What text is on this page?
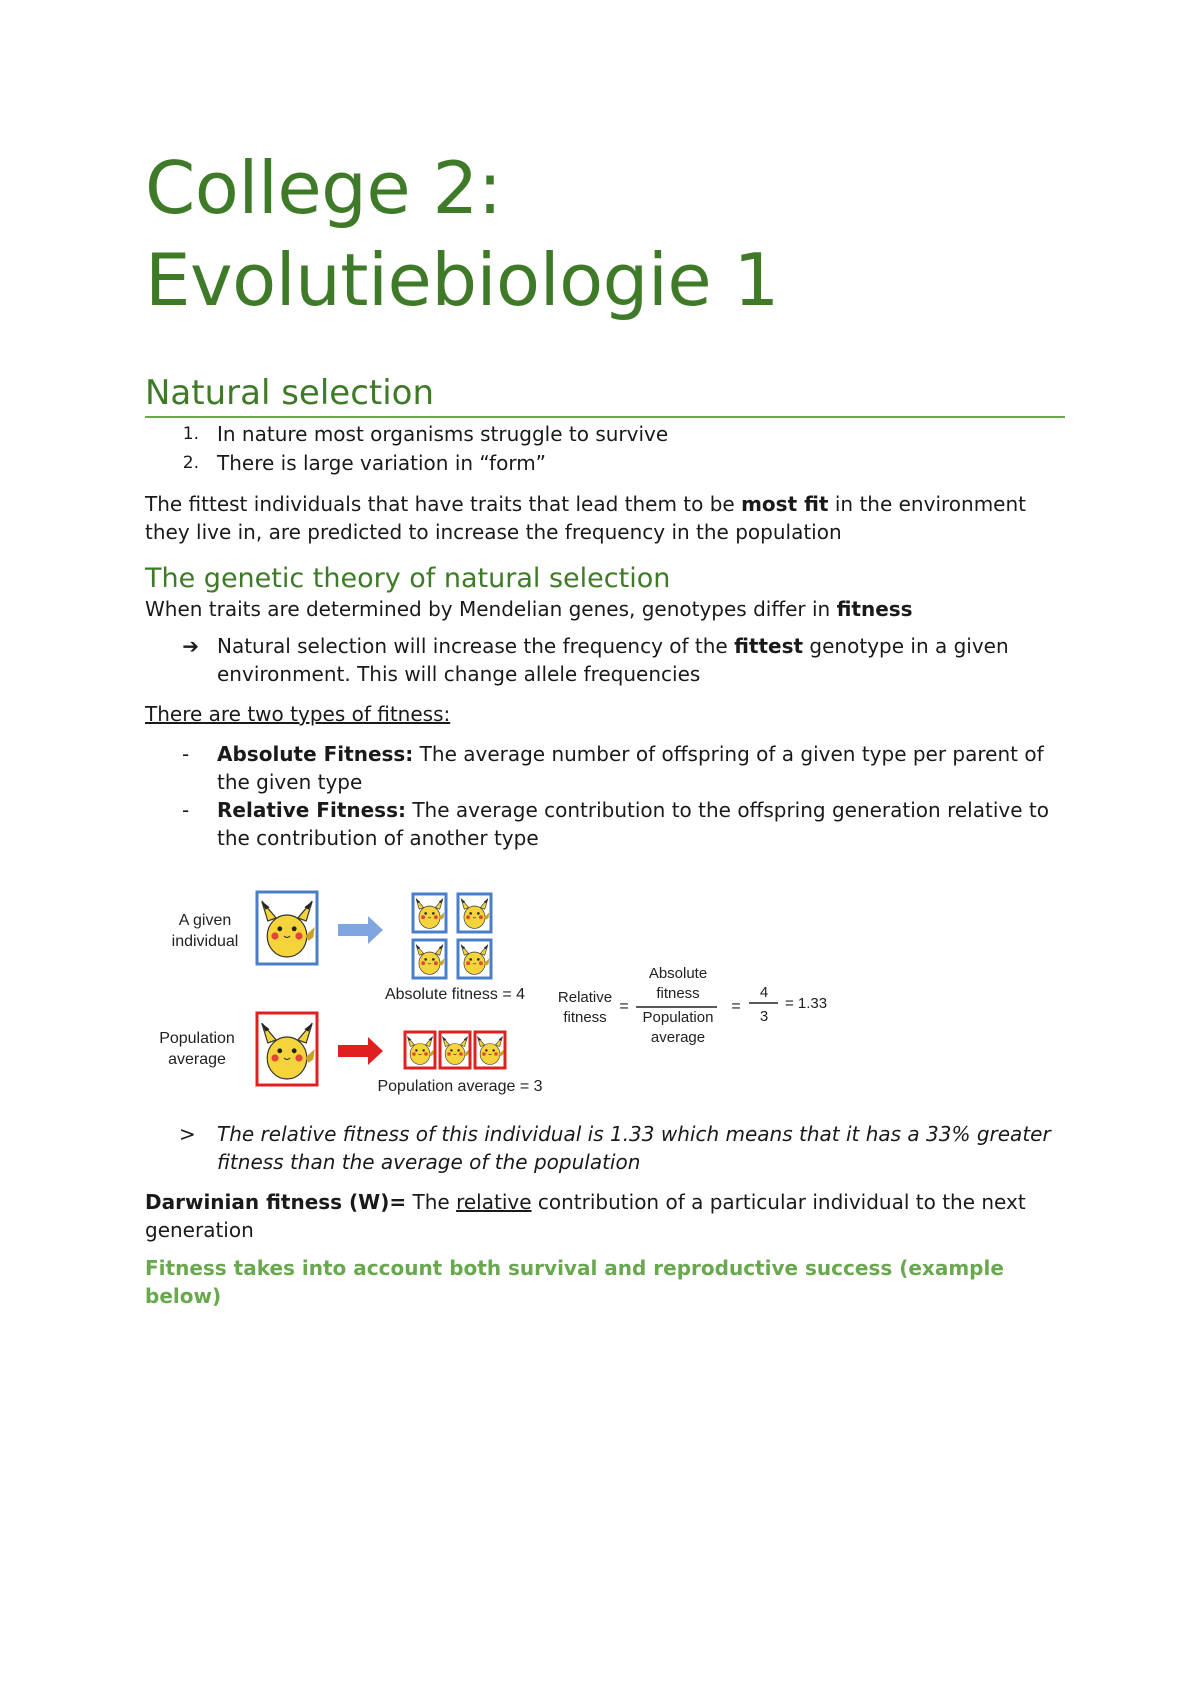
College 2:
Evolutiebiologie 1
Natural selection
1. In nature most organisms struggle to survive
2. There is large variation in “form”

The fittest individuals that have traits that lead them to be most fit in the environment they live in, are predicted to increase the frequency in the population

The genetic theory of natural selection

When traits are determined by Mendelian genes, genotypes differ in fitness

➔ Natural selection will increase the frequency of the fittest genotype in a given environment. This will change allele frequencies

There are two types of fitness:

-	Absolute Fitness: The average number of offspring of a given type per parent of the given type
-	Relative Fitness: The average contribution to the offspring generation relative to the contribution of another type
>	The relative fitness of this individual is 1.33 which means that it has a 33% greater fitness than the average of the population

Darwinian fitness (W)= The relative contribution of a particular individual to the next generation

Fitness takes into account both survival and reproductive success (example below)

A given individual
Population average
Absolute fitness = 4
Population average = 3
Relative fitness
=
Absolute fitness
Population average
=
4
3
= 1.33
